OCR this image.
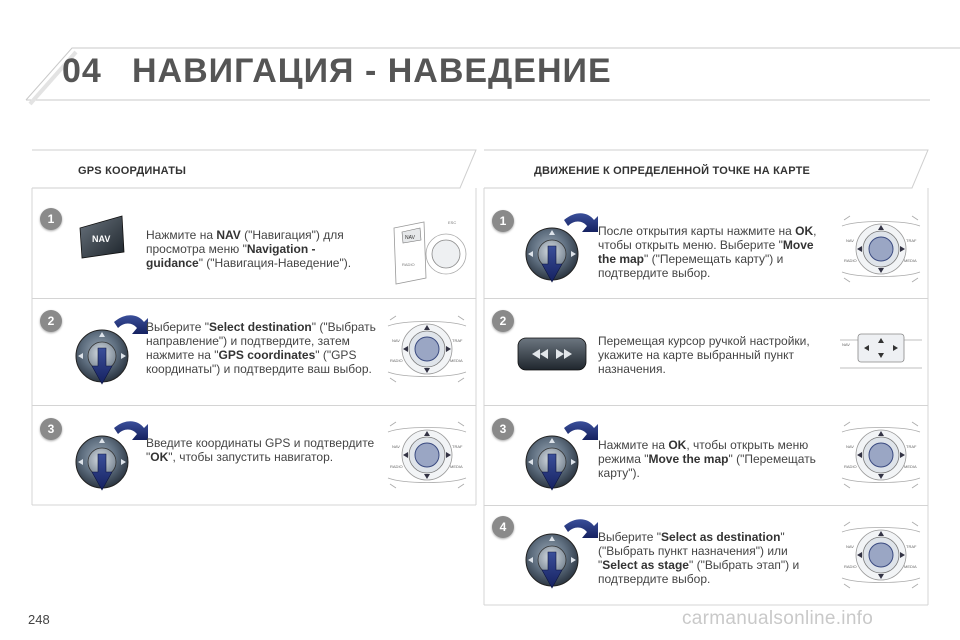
04 НАВИГАЦИЯ - НАВЕДЕНИЕ
GPS КООРДИНАТЫ	ДВИЖЕНИЕ К ОПРЕДЕЛЕННОЙ ТОЧКЕ НА КАРТЕ
1
NAV	Нажмите на NAV ("Навигация") для просмотра меню "Navigation - guidance" ("Навигация-Наведение").
NAV
RADIO
ESC
2	Выберите "Select destination" ("Выбрать направление") и подтвердите, затем нажмите на "GPS coordinates" ("GPS координаты") и подтвердите ваш выбор.
NAV	TRAF
RADIO	MEDIA
3
Введите координаты GPS и подтвердите "OK", чтобы запустить навигатор.
NAV	TRAF
RADIO	MEDIA
1
После открытия карты нажмите на OK, чтобы открыть меню. Выберите "Move the map" ("Перемещать карту") и подтвердите выбор.
NAV	TRAF
RADIO	MEDIA
2
Перемещая курсор ручкой настройки, укажите на карте выбранный пункт назначения.
NAV
3
Нажмите на OK, чтобы открыть меню режима "Move the map" ("Перемещать карту").
NAV	TRAF
RADIO	MEDIA
4
Выберите "Select as destination" ("Выбрать пункт назначения") или "Select as stage" ("Выбрать этап") и подтвердите выбор.
NAV	TRAF
RADIO	MEDIA
248	carmanualsonline.info
